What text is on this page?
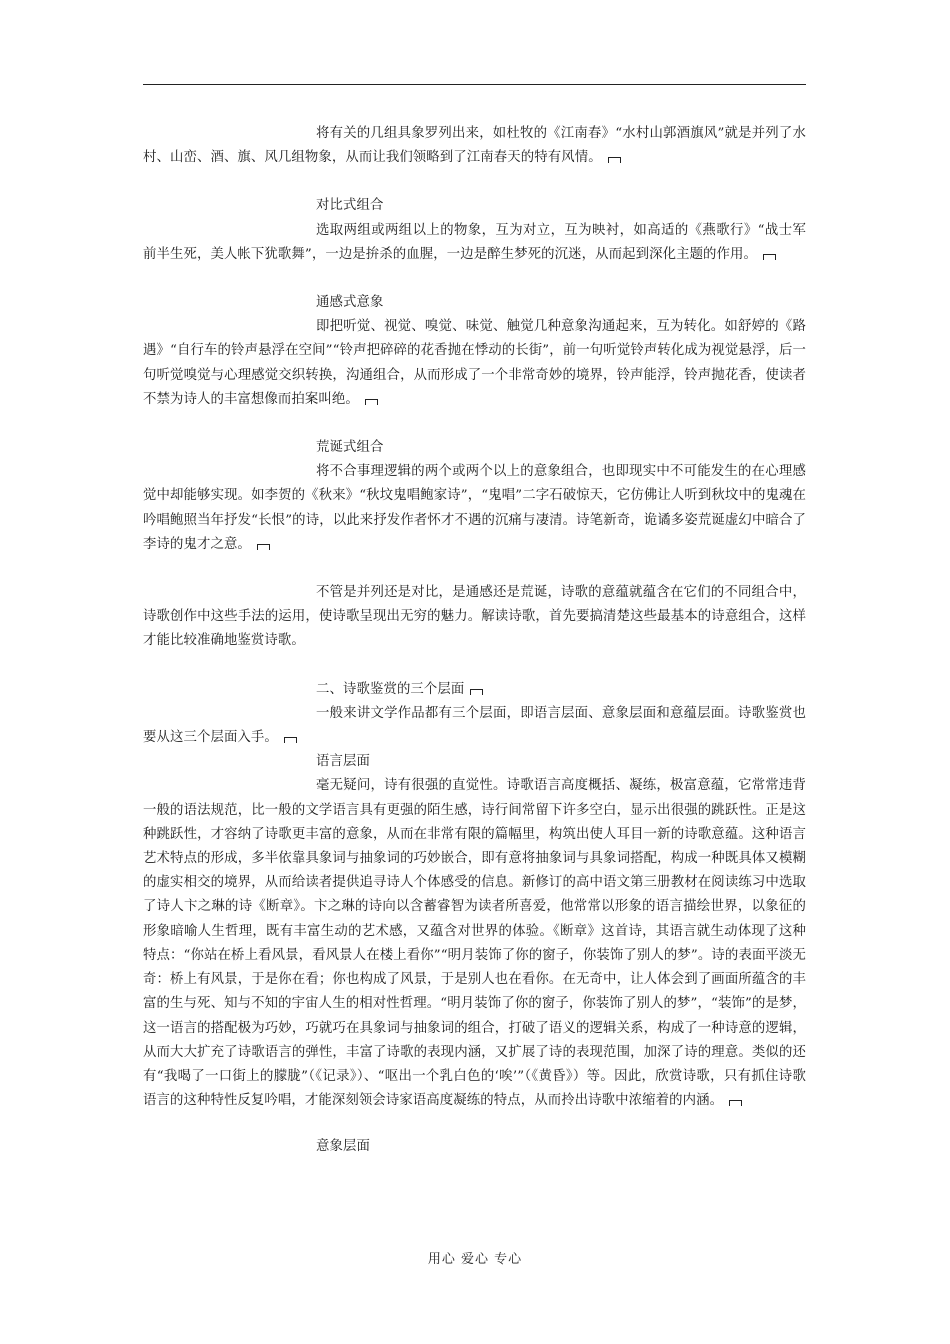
将有关的几组具象罗列出来，如杜牧的《江南春》“水村山郭酒旗风”就是并列了水村、山峦、酒、旗、风几组物象，从而让我们领略到了江南春天的特有风情。

对比式组合

选取两组或两组以上的物象，互为对立，互为映衬，如高适的《燕歌行》“战士军前半生死，美人帐下犹歌舞”，一边是拚杀的血腥，一边是醉生梦死的沉迷，从而起到深化主题的作用。

通感式意象

即把听觉、视觉、嗅觉、味觉、触觉几种意象沟通起来，互为转化。如舒婷的《路遇》“自行车的铃声悬浮在空间”“铃声把碎碎的花香抛在悸动的长街”，前一句听觉铃声转化成为视觉悬浮，后一句听觉嗅觉与心理感觉交织转换，沟通组合，从而形成了一个非常奇妙的境界，铃声能浮，铃声抛花香，使读者不禁为诗人的丰富想像而拍案叫绝。

荒诞式组合

将不合事理逻辑的两个或两个以上的意象组合，也即现实中不可能发生的在心理感觉中却能够实现。如李贺的《秋来》“秋坟鬼唱鲍家诗”，“鬼唱”二字石破惊天，它仿佛让人听到秋坟中的鬼魂在吟唱鲍照当年抒发“长恨”的诗，以此来抒发作者怀才不遇的沉痛与凄清。诗笔新奇，诡谲多姿荒诞虚幻中暗合了李诗的鬼才之意。

不管是并列还是对比，是通感还是荒诞，诗歌的意蕴就蕴含在它们的不同组合中，诗歌创作中这些手法的运用，使诗歌呈现出无穷的魅力。解读诗歌，首先要搞清楚这些最基本的诗意组合，这样才能比较准确地鉴赏诗歌。

二、诗歌鉴赏的三个层面

一般来讲文学作品都有三个层面，即语言层面、意象层面和意蕴层面。诗歌鉴赏也要从这三个层面入手。

语言层面

毫无疑问，诗有很强的直觉性。诗歌语言高度概括、凝练，极富意蕴，它常常违背一般的语法规范，比一般的文学语言具有更强的陌生感，诗行间常留下许多空白，显示出很强的跳跃性。正是这种跳跃性，才容纳了诗歌更丰富的意象，从而在非常有限的篇幅里，构筑出使人耳目一新的诗歌意蕴。这种语言艺术特点的形成，多半依靠具象词与抽象词的巧妙嵌合，即有意将抽象词与具象词搭配，构成一种既具体又模糊的虚实相交的境界，从而给读者提供追寻诗人个体感受的信息。新修订的高中语文第三册教材在阅读练习中选取了诗人卞之琳的诗《断章》。卞之琳的诗向以含蓄睿智为读者所喜爱，他常常以形象的语言描绘世界，以象征的形象暗喻人生哲理，既有丰富生动的艺术感，又蕴含对世界的体验。《断章》这首诗，其语言就生动体现了这种特点：“你站在桥上看风景，看风景人在楼上看你”“明月装饰了你的窗子，你装饰了别人的梦”。诗的表面平淡无奇：桥上有风景，于是你在看；你也构成了风景，于是别人也在看你。在无奇中，让人体会到了画面所蕴含的丰富的生与死、知与不知的宇宙人生的相对性哲理。“明月装饰了你的窗子，你装饰了别人的梦”，“装饰”的是梦，这一语言的搭配极为巧妙，巧就巧在具象词与抽象词的组合，打破了语义的逻辑关系，构成了一种诗意的逻辑，从而大大扩充了诗歌语言的弹性，丰富了诗歌的表现内涵，又扩展了诗的表现范围，加深了诗的理意。类似的还有“我喝了一口街上的朦胧”（《记录》）、“呕出一个乳白色的‘唉’”（《黄昏》）等。因此，欣赏诗歌，只有抓住诗歌语言的这种特性反复吟唱，才能深刻领会诗家语高度凝练的特点，从而拎出诗歌中浓缩着的内涵。

意象层面

用心 爱心 专心
